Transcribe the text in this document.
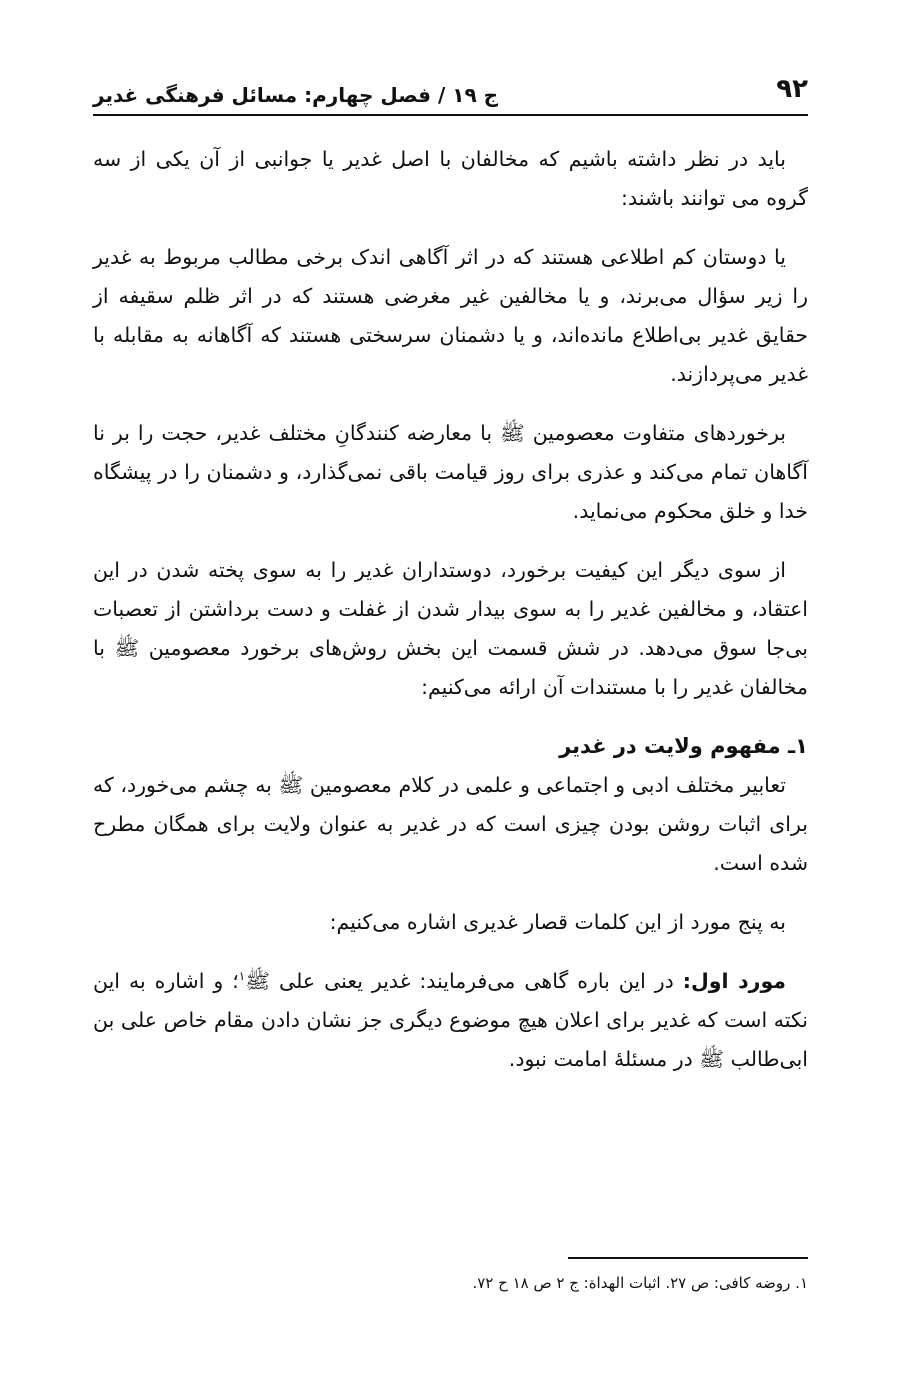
۹۲
ج ۱۹ / فصل چهارم: مسائل فرهنگی غدیر

باید در نظر داشته باشیم که مخالفان با اصل غدیر یا جوانبی از آن یکی از سه گروه می توانند باشند:

یا دوستان کم اطلاعی هستند که در اثر آگاهی اندک برخی مطالب مربوط به غدیر را زیر سؤال می‌برند، و یا مخالفین غیر مغرضی هستند که در اثر ظلم سقیفه از حقایق غدیر بی‌اطلاع مانده‌اند، و یا دشمنان سرسختی هستند که آگاهانه به مقابله با غدیر می‌پردازند.

برخوردهای متفاوت معصومین ﷺ با معارضه کنندگانِ مختلف غدیر، حجت را بر نا آگاهان تمام می‌کند و عذری برای روز قیامت باقی نمی‌گذارد، و دشمنان را در پیشگاه خدا و خلق محکوم می‌نماید.

از سوی دیگر این کیفیت برخورد، دوستداران غدیر را به سوی پخته شدن در این اعتقاد، و مخالفین غدیر را به سوی بیدار شدن از غفلت و دست برداشتن از تعصبات بی‌جا سوق می‌دهد. در شش قسمت این بخش روش‌های برخورد معصومین ﷺ با مخالفان غدیر را با مستندات آن ارائه می‌کنیم:

۱ـ مفهوم ولایت در غدیر

تعابیر مختلف ادبی و اجتماعی و علمی در کلام معصومین ﷺ به چشم می‌خورد، که برای اثبات روشن بودن چیزی است که در غدیر به عنوان ولایت برای همگان مطرح شده است.

به پنج مورد از این کلمات قصار غدیری اشاره می‌کنیم:

مورد اول: در این باره گاهی می‌فرمایند: غدیر یعنی علی ﷺ$^۱$؛ و اشاره به این نکته است که غدیر برای اعلان هیچ موضوع دیگری جز نشان دادن مقام خاص علی بن ابی‌طالب ﷺ در مسئلهٔ امامت نبود.

۱. روضه کافی: ص ۲۷. اثبات الهداة: ج ۲ ص ۱۸ ح ۷۲.
